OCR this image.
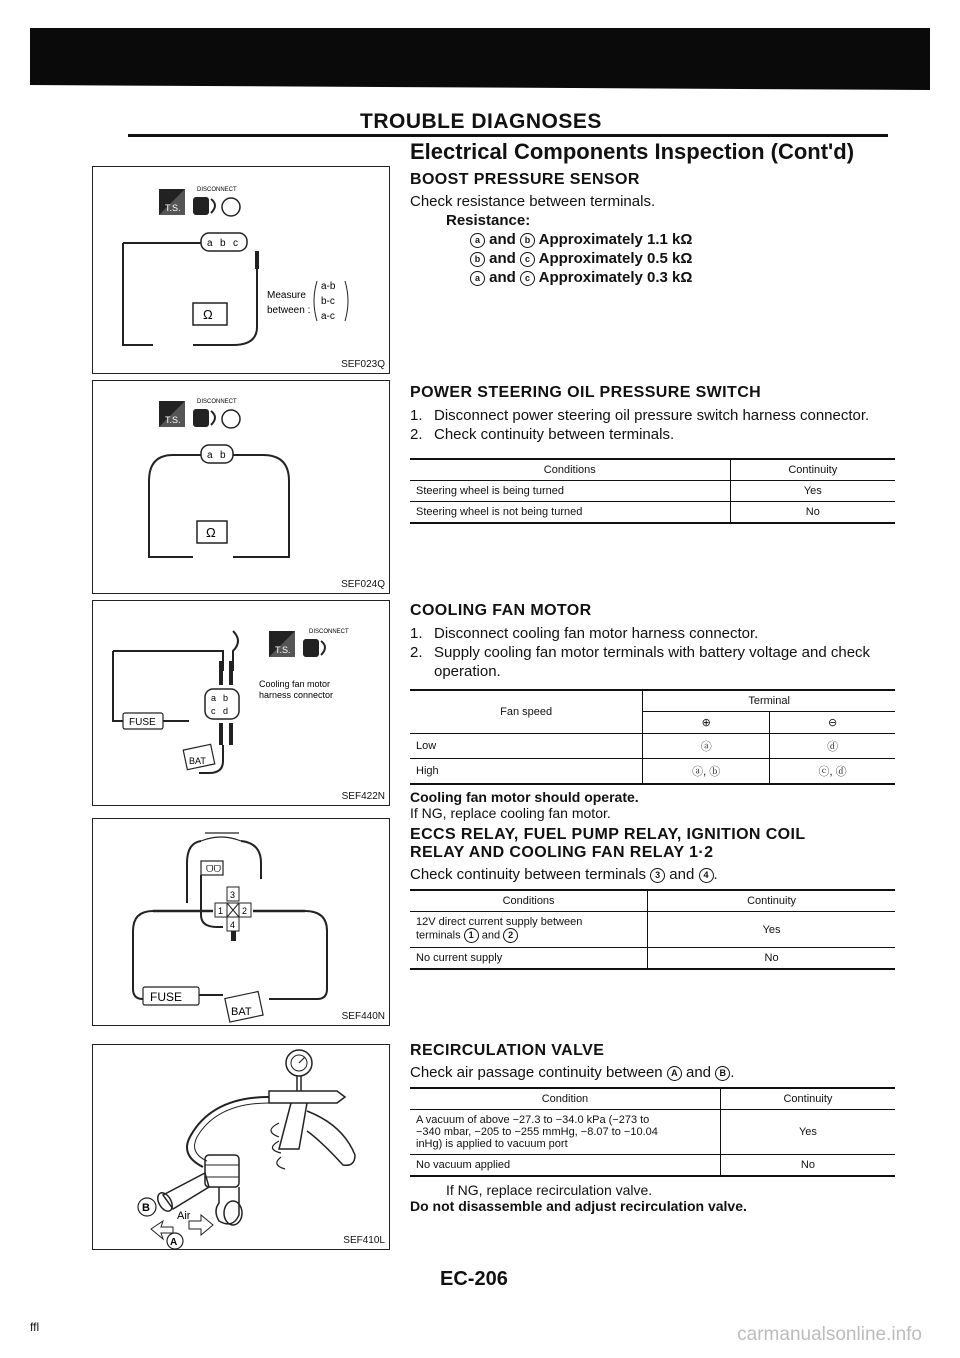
TROUBLE DIAGNOSES
T.S.
DISCONNECT
a b c
Ω
Measure
between :
a-b
b-c
a-c
SEF023Q
T.S.
DISCONNECT
a b
Ω
SEF024Q
T.S.
DISCONNECT
a b
c d
Cooling fan motor
harness connector
FUSE
BAT
SEF422N
ᗜᗜ
3
1 2
4
FUSE
BAT	SEF440N
B
Air
A	SEF410L
Electrical Components Inspection (Cont'd)
BOOST PRESSURE SENSOR

Check resistance between terminals.

Resistance:

a and b Approximately 1.1 kΩ

b and c Approximately 0.5 kΩ

a and c Approximately 0.3 kΩ

POWER STEERING OIL PRESSURE SWITCH
1. Disconnect power steering oil pressure switch harness connector.
2. Check continuity between terminals.
Conditions	Continuity
Steering wheel is being turned	Yes
Steering wheel is not being turned	No
COOLING FAN MOTOR
1. Disconnect cooling fan motor harness connector.
2. Supply cooling fan motor terminals with battery voltage and check operation.
Fan speed	Terminal	
	⊕	⊖
Low	ⓐ	ⓓ
High	ⓐ, ⓑ	ⓒ, ⓓ

Cooling fan motor should operate.

If NG, replace cooling fan motor.

ECCS RELAY, FUEL PUMP RELAY, IGNITION COIL
RELAY AND COOLING FAN RELAY 1·2

Check continuity between terminals 3 and 4 .

Conditions	Continuity
12V direct current supply between
terminals 1 and 2	Yes
No current supply	No
RECIRCULATION VALVE

Check air passage continuity between A and B .

Condition	Continuity
A vacuum of above −27.3 to −34.0 kPa (−273 to
−340 mbar, −205 to −255 mmHg, −8.07 to −10.04
inHg) is applied to vacuum port	Yes
No vacuum applied	No

If NG, replace recirculation valve.

Do not disassemble and adjust recirculation valve.

EC-206
ffl	carmanualsonline.info
